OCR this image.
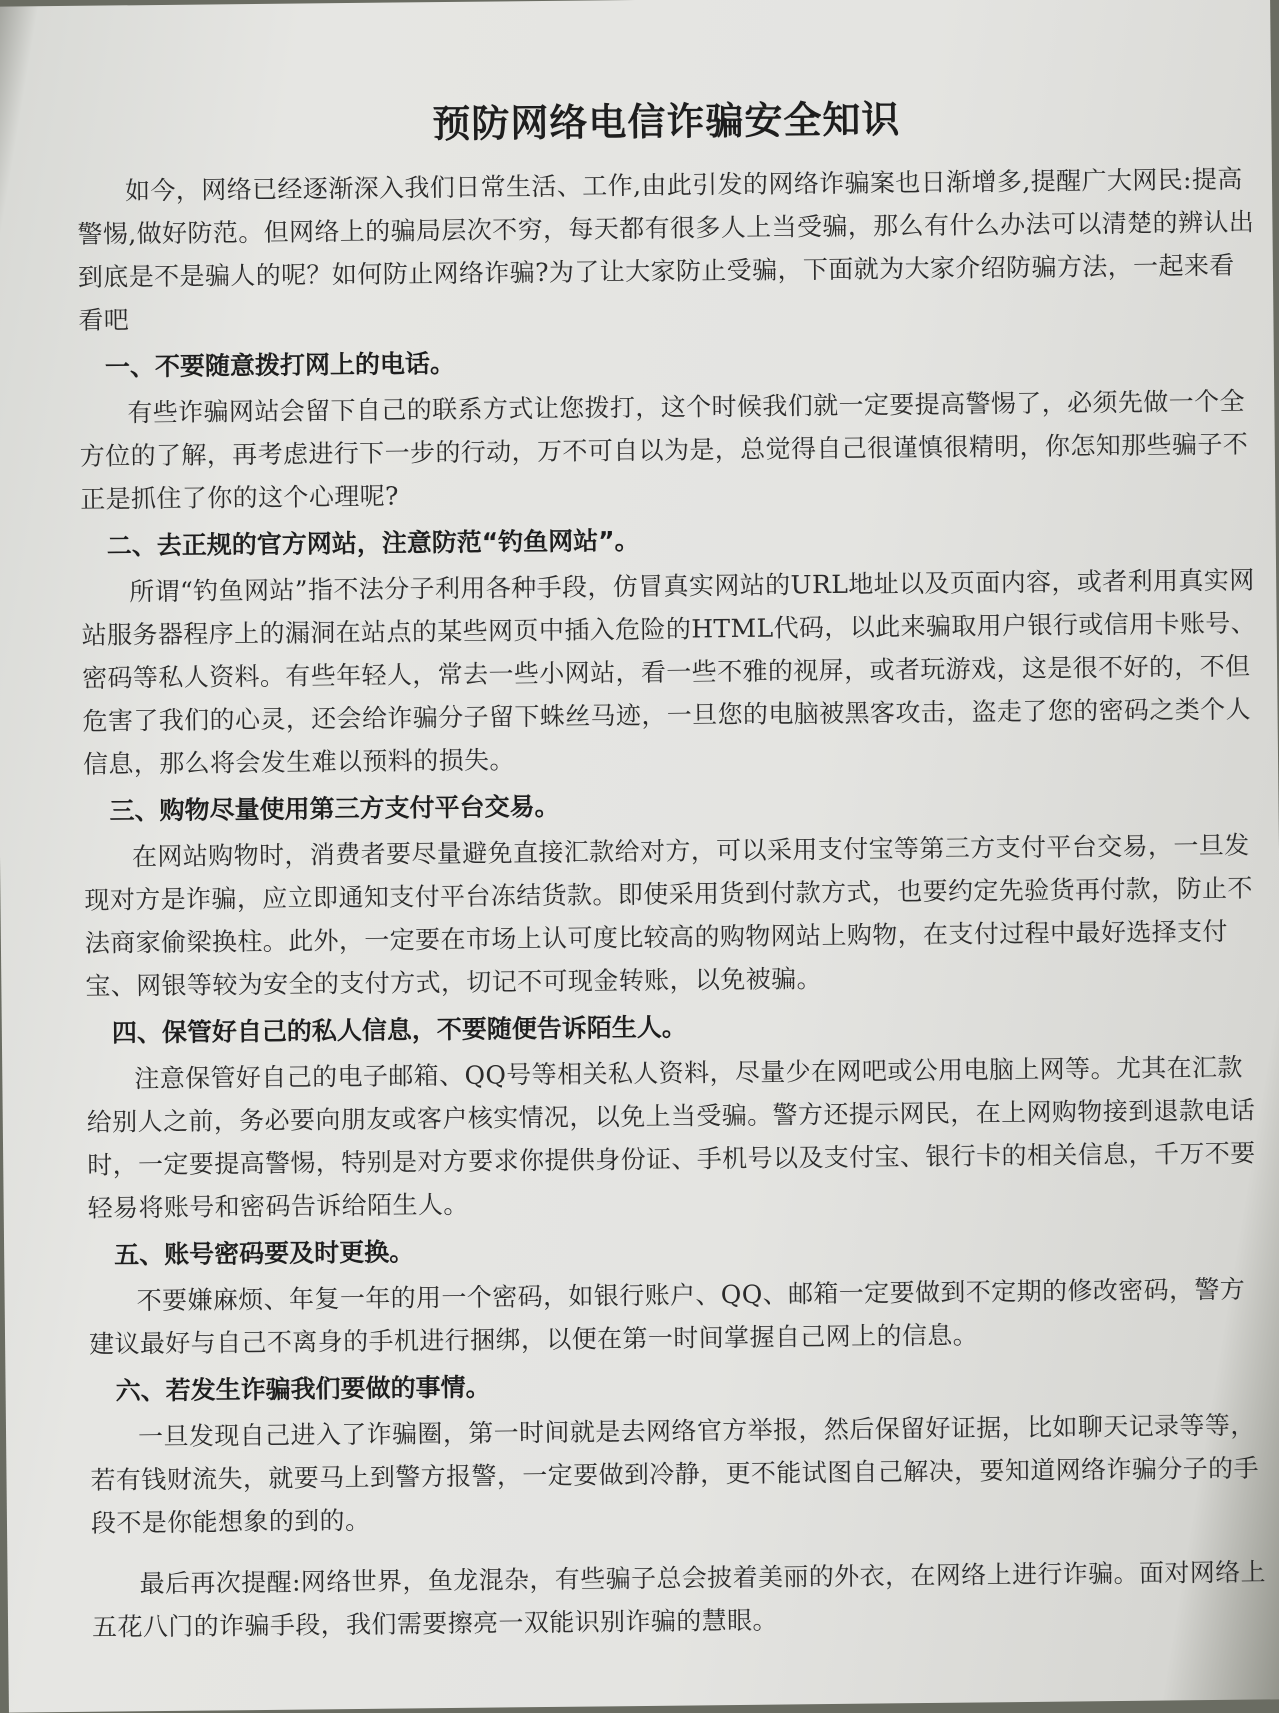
预防网络电信诈骗安全知识

如今，网络已经逐渐深入我们日常生活、工作,由此引发的网络诈骗案也日渐增多,提醒广大网民:提高警惕,做好防范。但网络上的骗局层次不穷，每天都有很多人上当受骗，那么有什么办法可以清楚的辨认出到底是不是骗人的呢？如何防止网络诈骗?为了让大家防止受骗，下面就为大家介绍防骗方法，一起来看看吧

一、不要随意拨打网上的电话。

有些诈骗网站会留下自己的联系方式让您拨打，这个时候我们就一定要提高警惕了，必须先做一个全方位的了解，再考虑进行下一步的行动，万不可自以为是，总觉得自己很谨慎很精明，你怎知那些骗子不正是抓住了你的这个心理呢?

二、去正规的官方网站，注意防范“钓鱼网站”。

所谓“钓鱼网站”指不法分子利用各种手段，仿冒真实网站的URL地址以及页面内容，或者利用真实网站服务器程序上的漏洞在站点的某些网页中插入危险的HTML代码，以此来骗取用户银行或信用卡账号、密码等私人资料。有些年轻人，常去一些小网站，看一些不雅的视屏，或者玩游戏，这是很不好的，不但危害了我们的心灵，还会给诈骗分子留下蛛丝马迹，一旦您的电脑被黑客攻击，盗走了您的密码之类个人信息，那么将会发生难以预料的损失。

三、购物尽量使用第三方支付平台交易。

在网站购物时，消费者要尽量避免直接汇款给对方，可以采用支付宝等第三方支付平台交易，一旦发现对方是诈骗，应立即通知支付平台冻结货款。即使采用货到付款方式，也要约定先验货再付款，防止不法商家偷梁换柱。此外，一定要在市场上认可度比较高的购物网站上购物，在支付过程中最好选择支付宝、网银等较为安全的支付方式，切记不可现金转账，以免被骗。

四、保管好自己的私人信息，不要随便告诉陌生人。

注意保管好自己的电子邮箱、QQ号等相关私人资料，尽量少在网吧或公用电脑上网等。尤其在汇款给别人之前，务必要向朋友或客户核实情况，以免上当受骗。警方还提示网民，在上网购物接到退款电话时，一定要提高警惕，特别是对方要求你提供身份证、手机号以及支付宝、银行卡的相关信息，千万不要轻易将账号和密码告诉给陌生人。

五、账号密码要及时更换。

不要嫌麻烦、年复一年的用一个密码，如银行账户、QQ、邮箱一定要做到不定期的修改密码，警方建议最好与自己不离身的手机进行捆绑，以便在第一时间掌握自己网上的信息。

六、若发生诈骗我们要做的事情。

一旦发现自己进入了诈骗圈，第一时间就是去网络官方举报，然后保留好证据，比如聊天记录等等，若有钱财流失，就要马上到警方报警，一定要做到冷静，更不能试图自己解决，要知道网络诈骗分子的手段不是你能想象的到的。

最后再次提醒:网络世界，鱼龙混杂，有些骗子总会披着美丽的外衣，在网络上进行诈骗。面对网络上五花八门的诈骗手段，我们需要擦亮一双能识别诈骗的慧眼。
